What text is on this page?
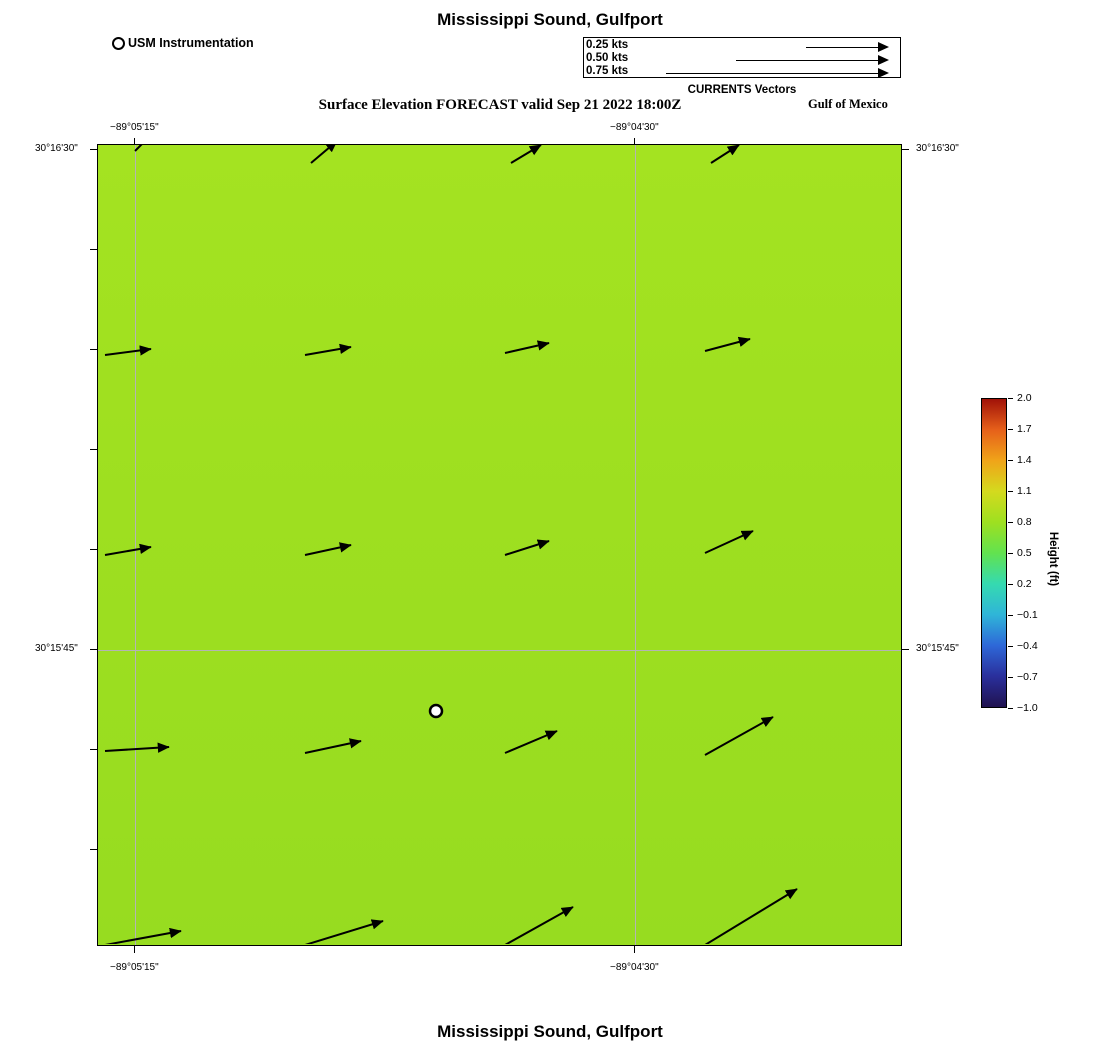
Mississippi Sound, Gulfport
Surface Elevation FORECAST valid Sep 21 2022 18:00Z	Gulf of Mexico
Mississippi Sound, Gulfport
USM Instrumentation	0.25 kts
0.50 kts
0.75 kts
CURRENTS Vectors
−89°05'15"	−89°04'30"
−89°05'15"	−89°04'30"
30°16'30"
30°15'45"
30°16'30"
30°15'45"
2.0
1.7
1.4
1.1
0.8
0.5
0.2
−0.1
−0.4
−0.7
−1.0
Height (ft)
